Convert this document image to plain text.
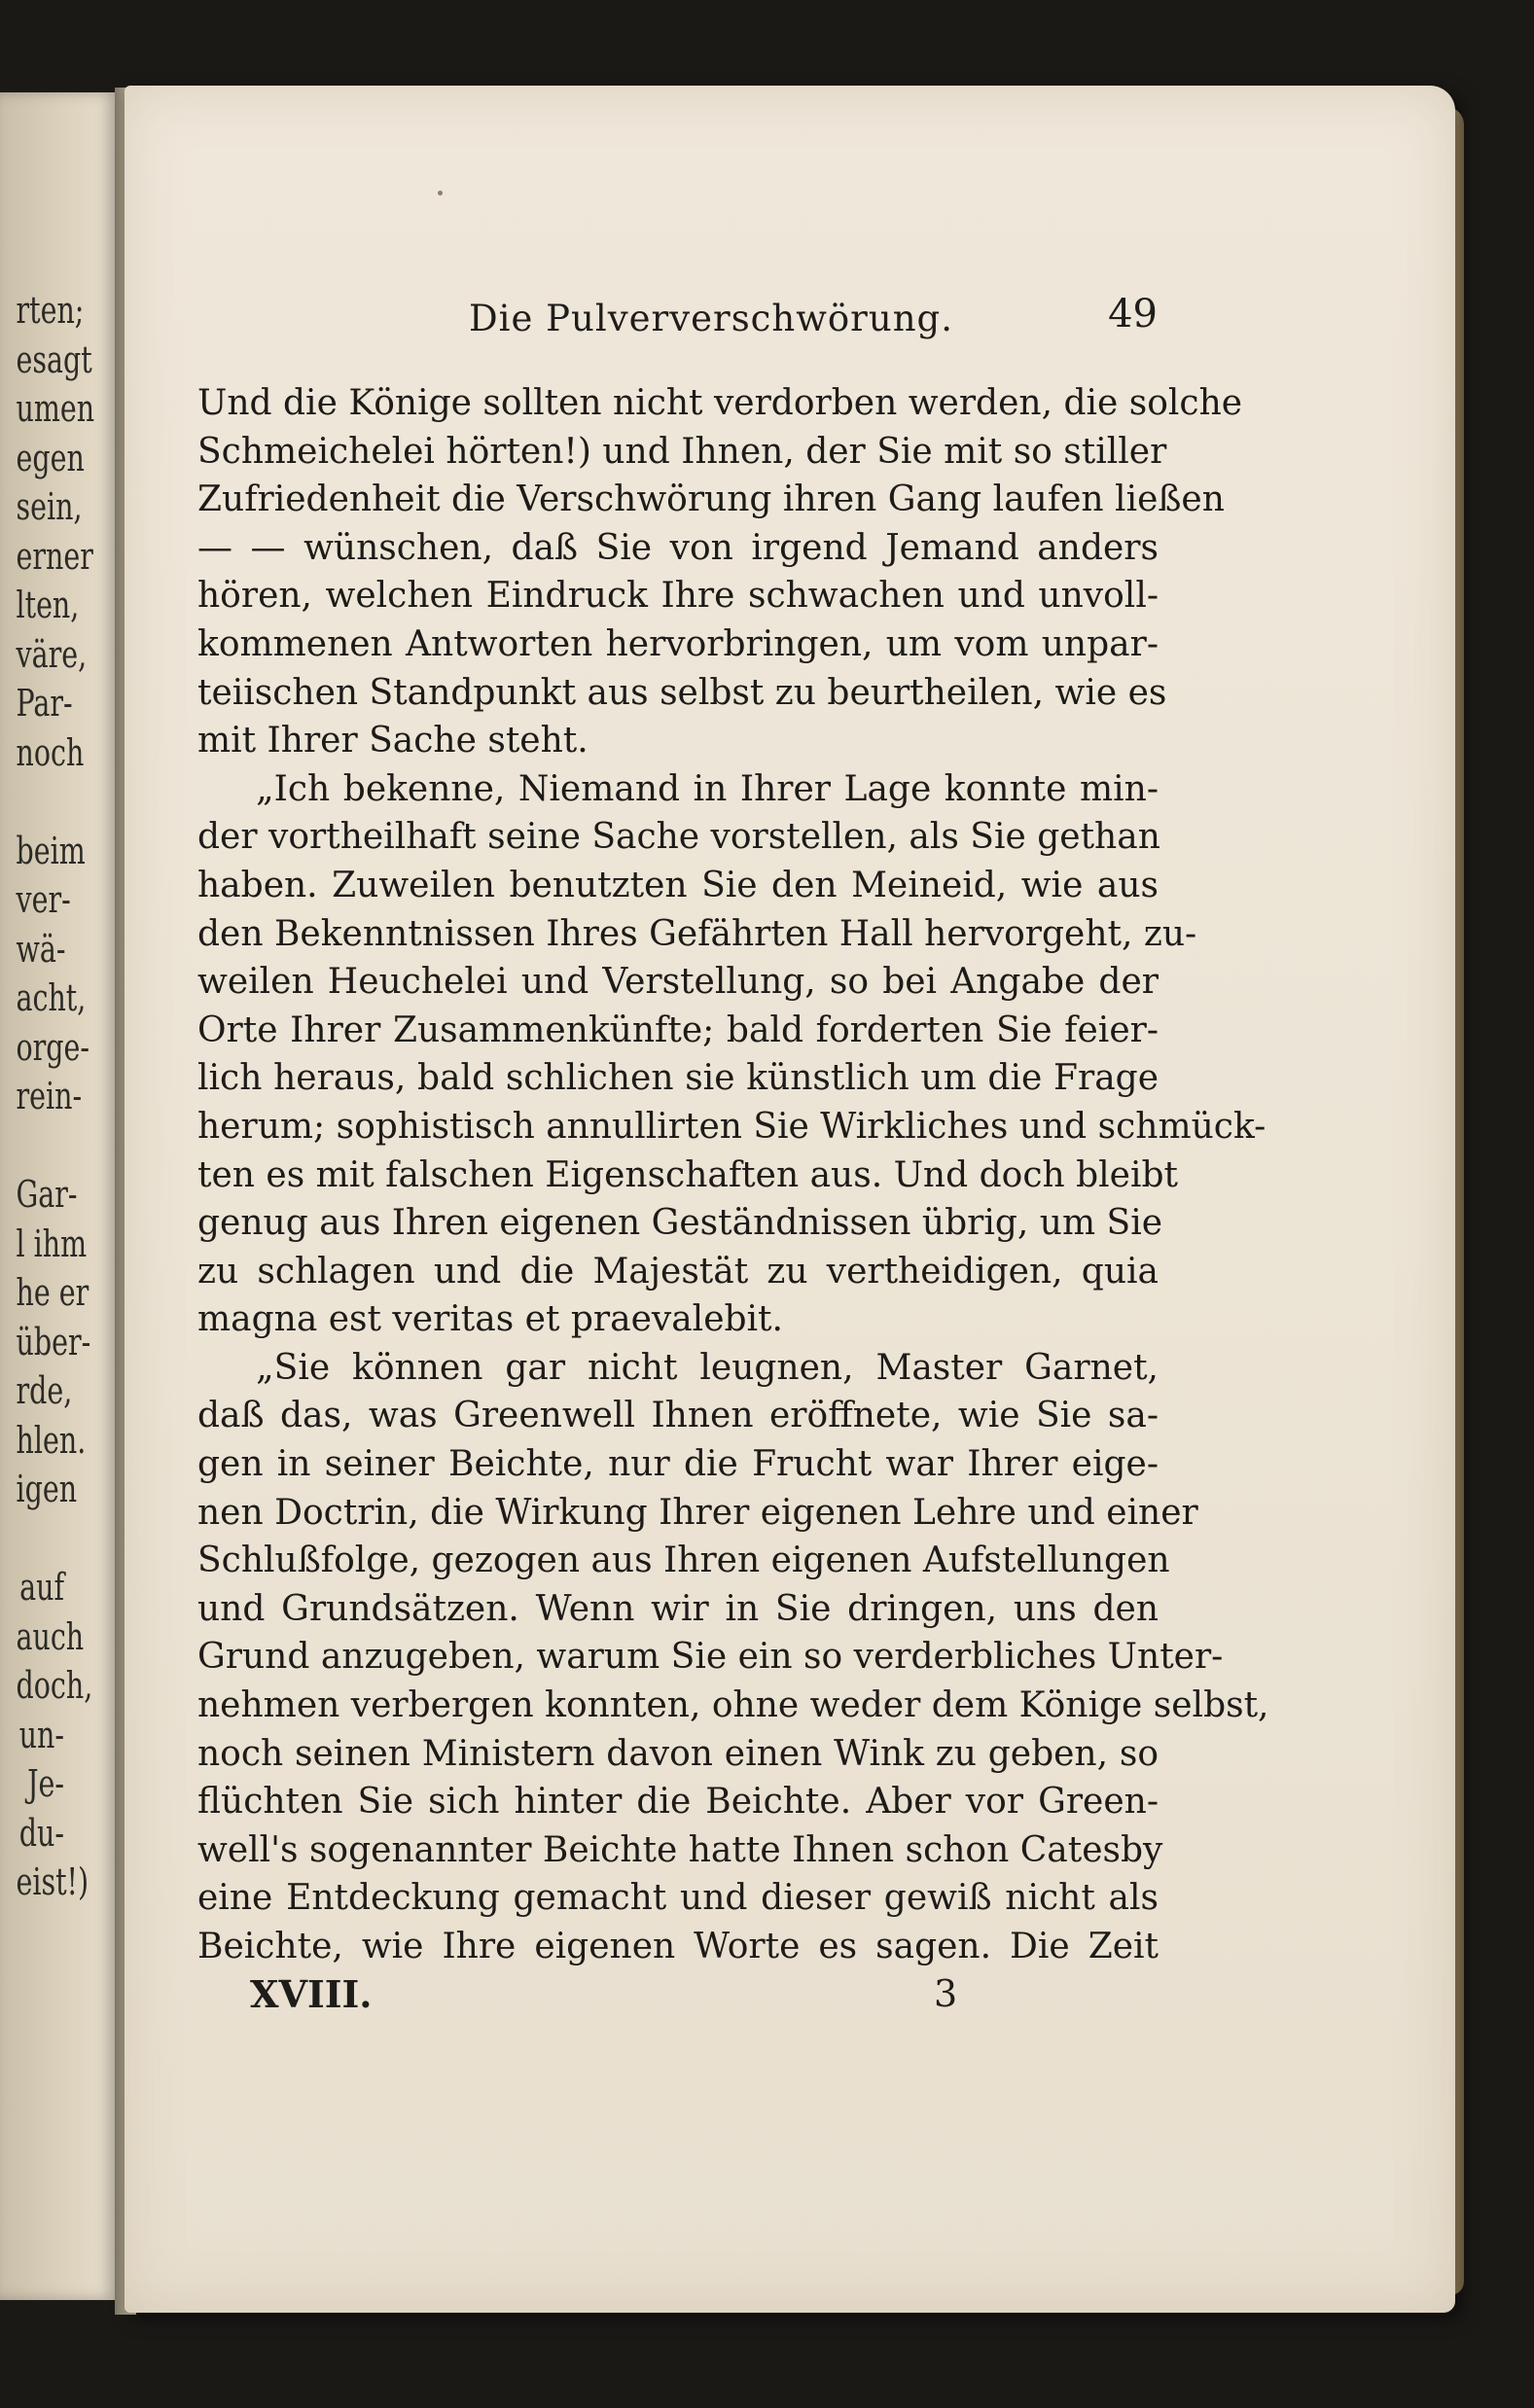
rten;
esagt
umen
egen
sein,
erner
lten,
väre,
Par-
noch
beim
ver-
wä-
acht,
orge-
rein-
Gar-
l ihm
he er
über-
rde,
hlen.
igen
auf
auch
doch,
un-
Je-
du-
eist!)
Die Pulververschwörung.	49
Und die Könige sollten nicht verdorben werden, die solche
Schmeichelei hörten!) und Ihnen, der Sie mit so stiller
Zufriedenheit die Verschwörung ihren Gang laufen ließen
— — wünschen, daß Sie von irgend Jemand anders
hören, welchen Eindruck Ihre schwachen und unvoll-
kommenen Antworten hervorbringen, um vom unpar-
teiischen Standpunkt aus selbst zu beurtheilen, wie es
mit Ihrer Sache steht.
„Ich bekenne, Niemand in Ihrer Lage konnte min-
der vortheilhaft seine Sache vorstellen, als Sie gethan
haben. Zuweilen benutzten Sie den Meineid, wie aus
den Bekenntnissen Ihres Gefährten Hall hervorgeht, zu-
weilen Heuchelei und Verstellung, so bei Angabe der
Orte Ihrer Zusammenkünfte; bald forderten Sie feier-
lich heraus, bald schlichen sie künstlich um die Frage
herum; sophistisch annullirten Sie Wirkliches und schmück-
ten es mit falschen Eigenschaften aus. Und doch bleibt
genug aus Ihren eigenen Geständnissen übrig, um Sie
zu schlagen und die Majestät zu vertheidigen, quia
magna est veritas et praevalebit.
„Sie können gar nicht leugnen, Master Garnet,
daß das, was Greenwell Ihnen eröffnete, wie Sie sa-
gen in seiner Beichte, nur die Frucht war Ihrer eige-
nen Doctrin, die Wirkung Ihrer eigenen Lehre und einer
Schlußfolge, gezogen aus Ihren eigenen Aufstellungen
und Grundsätzen. Wenn wir in Sie dringen, uns den
Grund anzugeben, warum Sie ein so verderbliches Unter-
nehmen verbergen konnten, ohne weder dem Könige selbst,
noch seinen Ministern davon einen Wink zu geben, so
flüchten Sie sich hinter die Beichte. Aber vor Green-
well's sogenannter Beichte hatte Ihnen schon Catesby
eine Entdeckung gemacht und dieser gewiß nicht als
Beichte, wie Ihre eigenen Worte es sagen. Die Zeit
XVIII.	3
